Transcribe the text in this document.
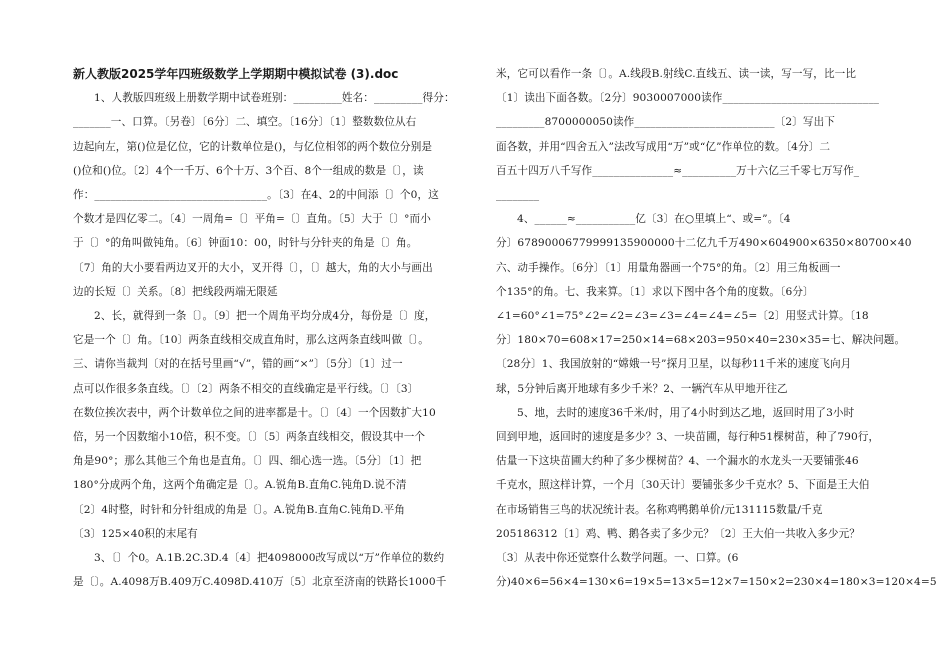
新人教版2025学年四班级数学上学期期中模拟试卷 (3).doc
1、人教版四班级上册数学期中试卷班别：_________姓名：_________得分：
_______一、口算。〔另卷〕〔6分〕二、填空。〔16分〕〔1〕整数数位从右
边起向左，第()位是亿位，它的计数单位是()，与亿位相邻的两个数位分别是
()位和()位。〔2〕4个一千万、6个十万、3个百、8个一组成的数是〔〕，读
作：________________________________。〔3〕在4、2的中间添〔〕个0，这
个数才是四亿零二。〔4〕一周角=〔〕平角=〔〕直角。〔5〕大于〔〕°而小
于〔〕°的角叫做钝角。〔6〕钟面10：00，时针与分针夹的角是〔〕角。
〔7〕角的大小要看两边叉开的大小，叉开得〔〕，〔〕越大，角的大小与画出
边的长短〔〕关系。〔8〕把线段两端无限延
2、长，就得到一条〔〕。〔9〕把一个周角平均分成4分，每份是〔〕度，
它是一个〔〕角。〔10〕两条直线相交成直角时，那么这两条直线叫做〔〕。
三、请你当裁判〔对的在括号里画“√”，错的画“×”〕〔5分〕〔1〕过一
点可以作很多条直线。〔〕〔2〕两条不相交的直线确定是平行线。〔〕〔3〕
在数位挨次表中，两个计数单位之间的进率都是十。〔〕〔4〕一个因数扩大10
倍，另一个因数缩小10倍，积不变。〔〕〔5〕两条直线相交，假设其中一个
角是90°；那么其他三个角也是直角。〔〕四、细心选一选。〔5分〕〔1〕把
180°分成两个角，这两个角确定是〔〕。A.锐角B.直角C.钝角D.说不清
〔2〕4时整，时针和分针组成的角是〔〕。A.锐角B.直角C.钝角D.平角
〔3〕125×40积的末尾有
3、〔〕个0。A.1B.2C.3D.4〔4〕把4098000改写成以“万”作单位的数约
是〔〕。A.4098万B.409万C.4098D.410万〔5〕北京至济南的铁路长1000千
米，它可以看作一条〔〕。A.线段B.射线C.直线五、读一读，写一写，比一比
〔1〕读出下面各数。〔2分〕9030007000读作_____________________________
_________8700000050读作__________________________〔2〕写出下
面各数，并用“四舍五入”法改写成用“万”或“亿”作单位的数。〔4分〕二
百五十四万八千写作_______________≈__________万十六亿三千零七万写作_
________
4、______≈___________亿〔3〕在○里填上“、或=”。〔4
分〕67890006779999135900000十二亿九千万490×604900×6350×80700×40
六、动手操作。〔6分〕〔1〕用量角器画一个75°的角。〔2〕用三角板画一
个135°的角。七、我来算。〔1〕求以下图中各个角的度数。〔6分〕
∠1=60°∠1=75°∠2=∠2=∠3=∠3=∠4=∠4=∠5=〔2〕用竖式计算。〔18
分〕180×70=608×17=250×14=68×203=950×40=230×35=七、解决问题。
〔28分〕1、我国放射的“嫦娥一号”探月卫星，以每秒11千米的速度飞向月
球，5分钟后离开地球有多少千米？2、一辆汽车从甲地开往乙
5、地，去时的速度36千米/时，用了4小时到达乙地，返回时用了3小时
回到甲地，返回时的速度是多少？3、一块苗圃，每行种51棵树苗，种了790行，
估量一下这块苗圃大约种了多少棵树苗？4、一个漏水的水龙头一天要铺张46
千克水，照这样计算，一个月〔30天计〕要铺张多少千克水？5、下面是王大伯
在市场销售三鸟的状况统计表。名称鸡鸭鹅单价/元131115数量/千克
205186312〔1〕鸡、鸭、鹅各卖了多少元？〔2〕王大伯一共收入多少元？
〔3〕从表中你还觉察什么数学问题。一、口算。(6
分)40×6=56×4=130×6=19×5=13×5=12×7=150×2=230×4=180×3=120×4=5
